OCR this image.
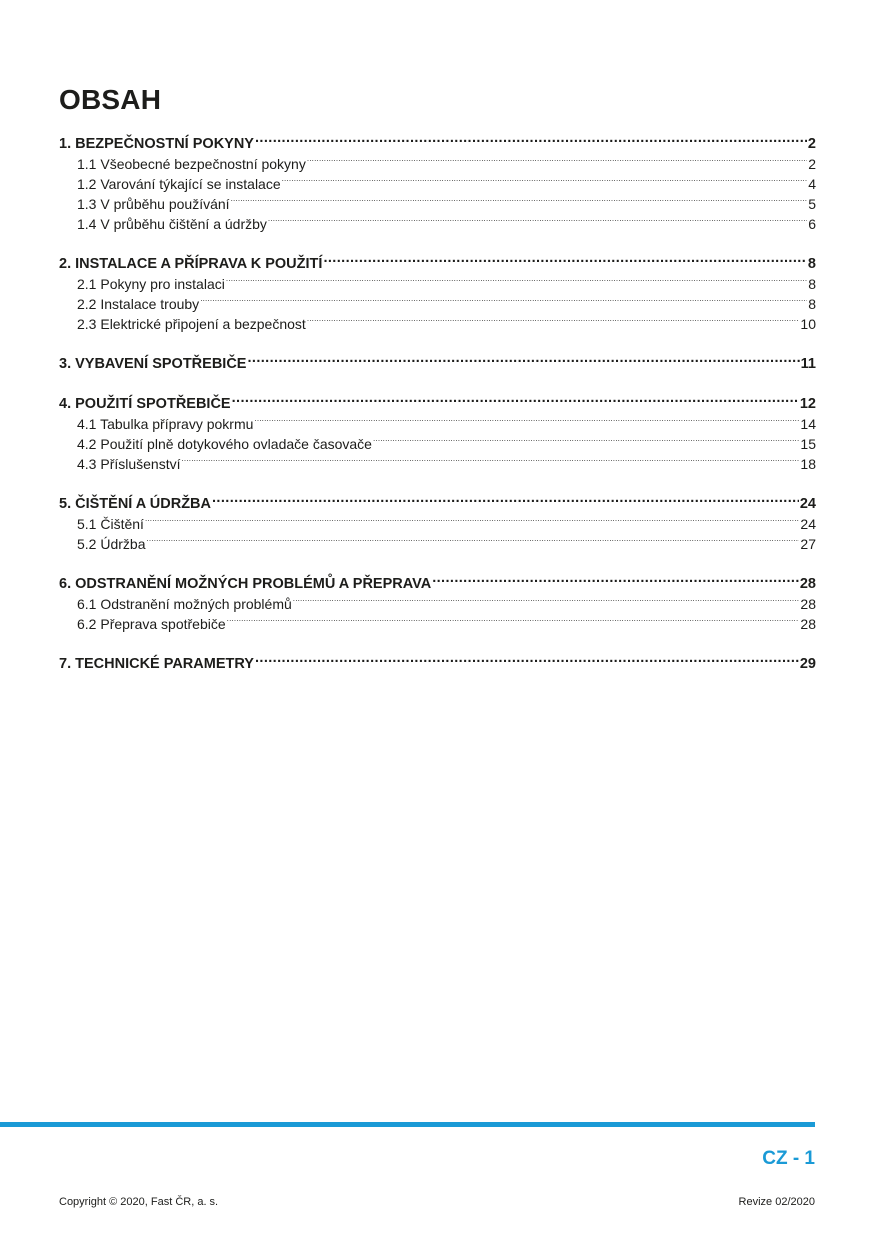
OBSAH
1. BEZPEČNOSTNÍ POKYNY .....	2
1.1 Všeobecné bezpečnostní pokyny .....	2
1.2 Varování týkající se instalace .....	4
1.3 V průběhu používání .....	5
1.4 V průběhu čištění a údržby .....	6
2. INSTALACE A PŘÍPRAVA K POUŽITÍ .....	8
2.1 Pokyny pro instalaci .....	8
2.2 Instalace trouby .....	8
2.3 Elektrické připojení a bezpečnost .....	10
3. VYBAVENÍ SPOTŘEBIČE .....	11
4. POUŽITÍ SPOTŘEBIČE .....	12
4.1 Tabulka přípravy pokrmu .....	14
4.2 Použití plně dotykového ovladače časovače .....	15
4.3 Příslušenství .....	18
5. ČIŠTĚNÍ A ÚDRŽBA .....	24
5.1 Čištění .....	24
5.2 Údržba .....	27
6. ODSTRANĚNÍ MOŽNÝCH PROBLÉMŮ A PŘEPRAVA .....	28
6.1 Odstranění možných problémů .....	28
6.2 Přeprava spotřebiče .....	28
7. TECHNICKÉ PARAMETRY .....	29
CZ - 1
Copyright © 2020, Fast ČR, a. s.	Revize 02/2020
